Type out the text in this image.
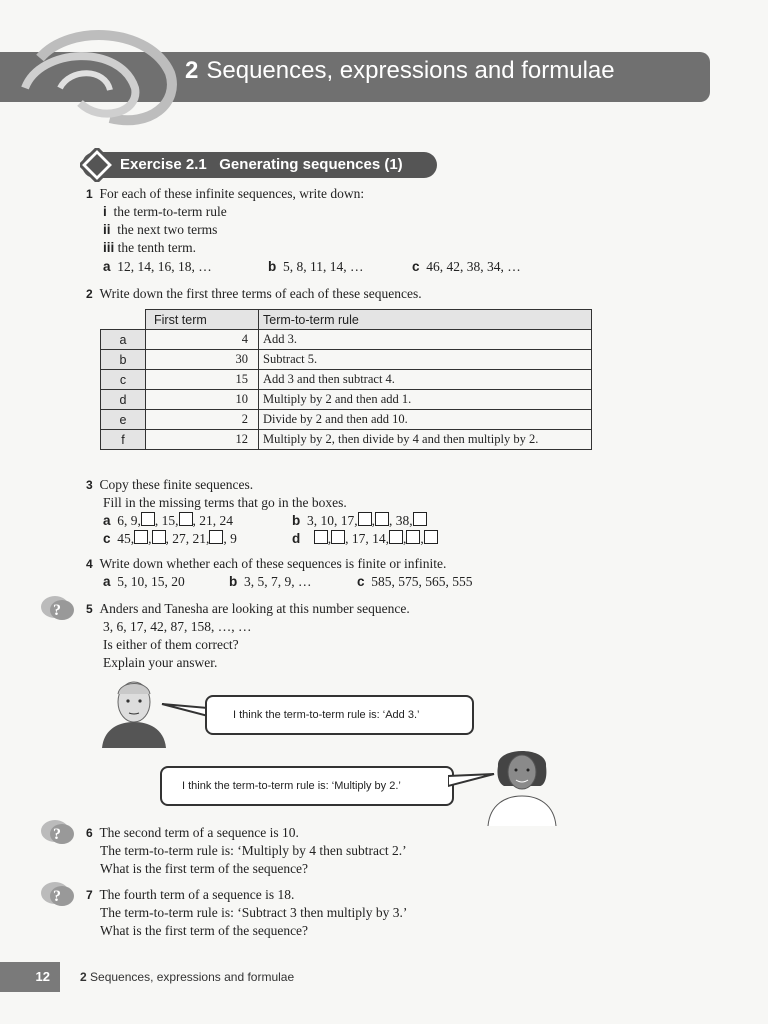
2 Sequences, expressions and formulae
Exercise 2.1 Generating sequences (1)
1 For each of these infinite sequences, write down:
i the term-to-term rule
ii the next two terms
iii the tenth term.
a 12, 14, 16, 18, …	b 5, 8, 11, 14, …	c 46, 42, 38, 34, …
2 Write down the first three terms of each of these sequences.
	First term	Term-to-term rule
a	4	Add 3.
b	30	Subtract 5.
c	15	Add 3 and then subtract 4.
d	10	Multiply by 2 and then add 1.
e	2	Divide by 2 and then add 10.
f	12	Multiply by 2, then divide by 4 and then multiply by 2.
3 Copy these finite sequences.
Fill in the missing terms that go in the boxes.
a 6, 9, , 15, , 21, 24	b 3, 10, 17, , , 38,
c 45, , , 27, 21, , 9	d , , 17, 14, , ,
4 Write down whether each of these sequences is finite or infinite.
a 5, 10, 15, 20	b 3, 5, 7, 9, …	c 585, 575, 565, 555
? 5 Anders and Tanesha are looking at this number sequence.
3, 6, 17, 42, 87, 158, …, …
Is either of them correct?
Explain your answer.
I think the term-to-term rule is: ‘Add 3.’
I think the term-to-term rule is: ‘Multiply by 2.’
? 6 The second term of a sequence is 10.
The term-to-term rule is: ‘Multiply by 4 then subtract 2.’
What is the first term of the sequence?
? 7 The fourth term of a sequence is 18.
The term-to-term rule is: ‘Subtract 3 then multiply by 3.’
What is the first term of the sequence?
12	2 Sequences, expressions and formulae
